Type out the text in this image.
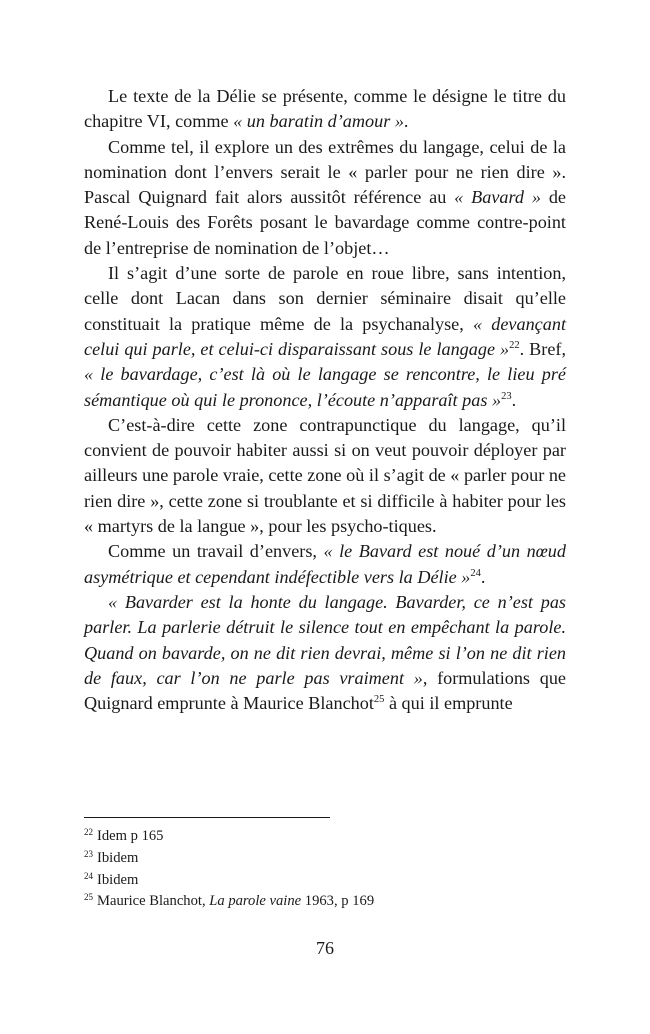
Le texte de la Délie se présente, comme le désigne le titre du chapitre VI, comme « un baratin d’amour ».

Comme tel, il explore un des extrêmes du langage, celui de la nomination dont l’envers serait le « parler pour ne rien dire ». Pascal Quignard fait alors aussitôt référence au « Bavard » de René-Louis des Forêts posant le bavardage comme contre-point de l’entreprise de nomination de l’objet…

Il s’agit d’une sorte de parole en roue libre, sans intention, celle dont Lacan dans son dernier séminaire disait qu’elle constituait la pratique même de la psychanalyse, « devançant celui qui parle, et celui-ci disparaissant sous le langage »$^{22}$. Bref, « le bavardage, c’est là où le langage se rencontre, le lieu pré sémantique où qui le prononce, l’écoute n’apparaît pas »$^{23}$.

C’est-à-dire cette zone contrapunctique du langage, qu’il convient de pouvoir habiter aussi si on veut pouvoir déployer par ailleurs une parole vraie, cette zone où il s’agit de « parler pour ne rien dire », cette zone si troublante et si difficile à habiter pour les « martyrs de la langue », pour les psycho-tiques.

Comme un travail d’envers, « le Bavard est noué d’un nœud asymétrique et cependant indéfectible vers la Délie »$^{24}$.

« Bavarder est la honte du langage. Bavarder, ce n’est pas parler. La parlerie détruit le silence tout en empêchant la parole. Quand on bavarde, on ne dit rien devrai, même si l’on ne dit rien de faux, car l’on ne parle pas vraiment », formulations que Quignard emprunte à Maurice Blanchot$^{25}$ à qui il emprunte

$^{22}$ Idem p 165
$^{23}$ Ibidem
$^{24}$ Ibidem
$^{25}$ Maurice Blanchot, La parole vaine 1963, p 169
76
